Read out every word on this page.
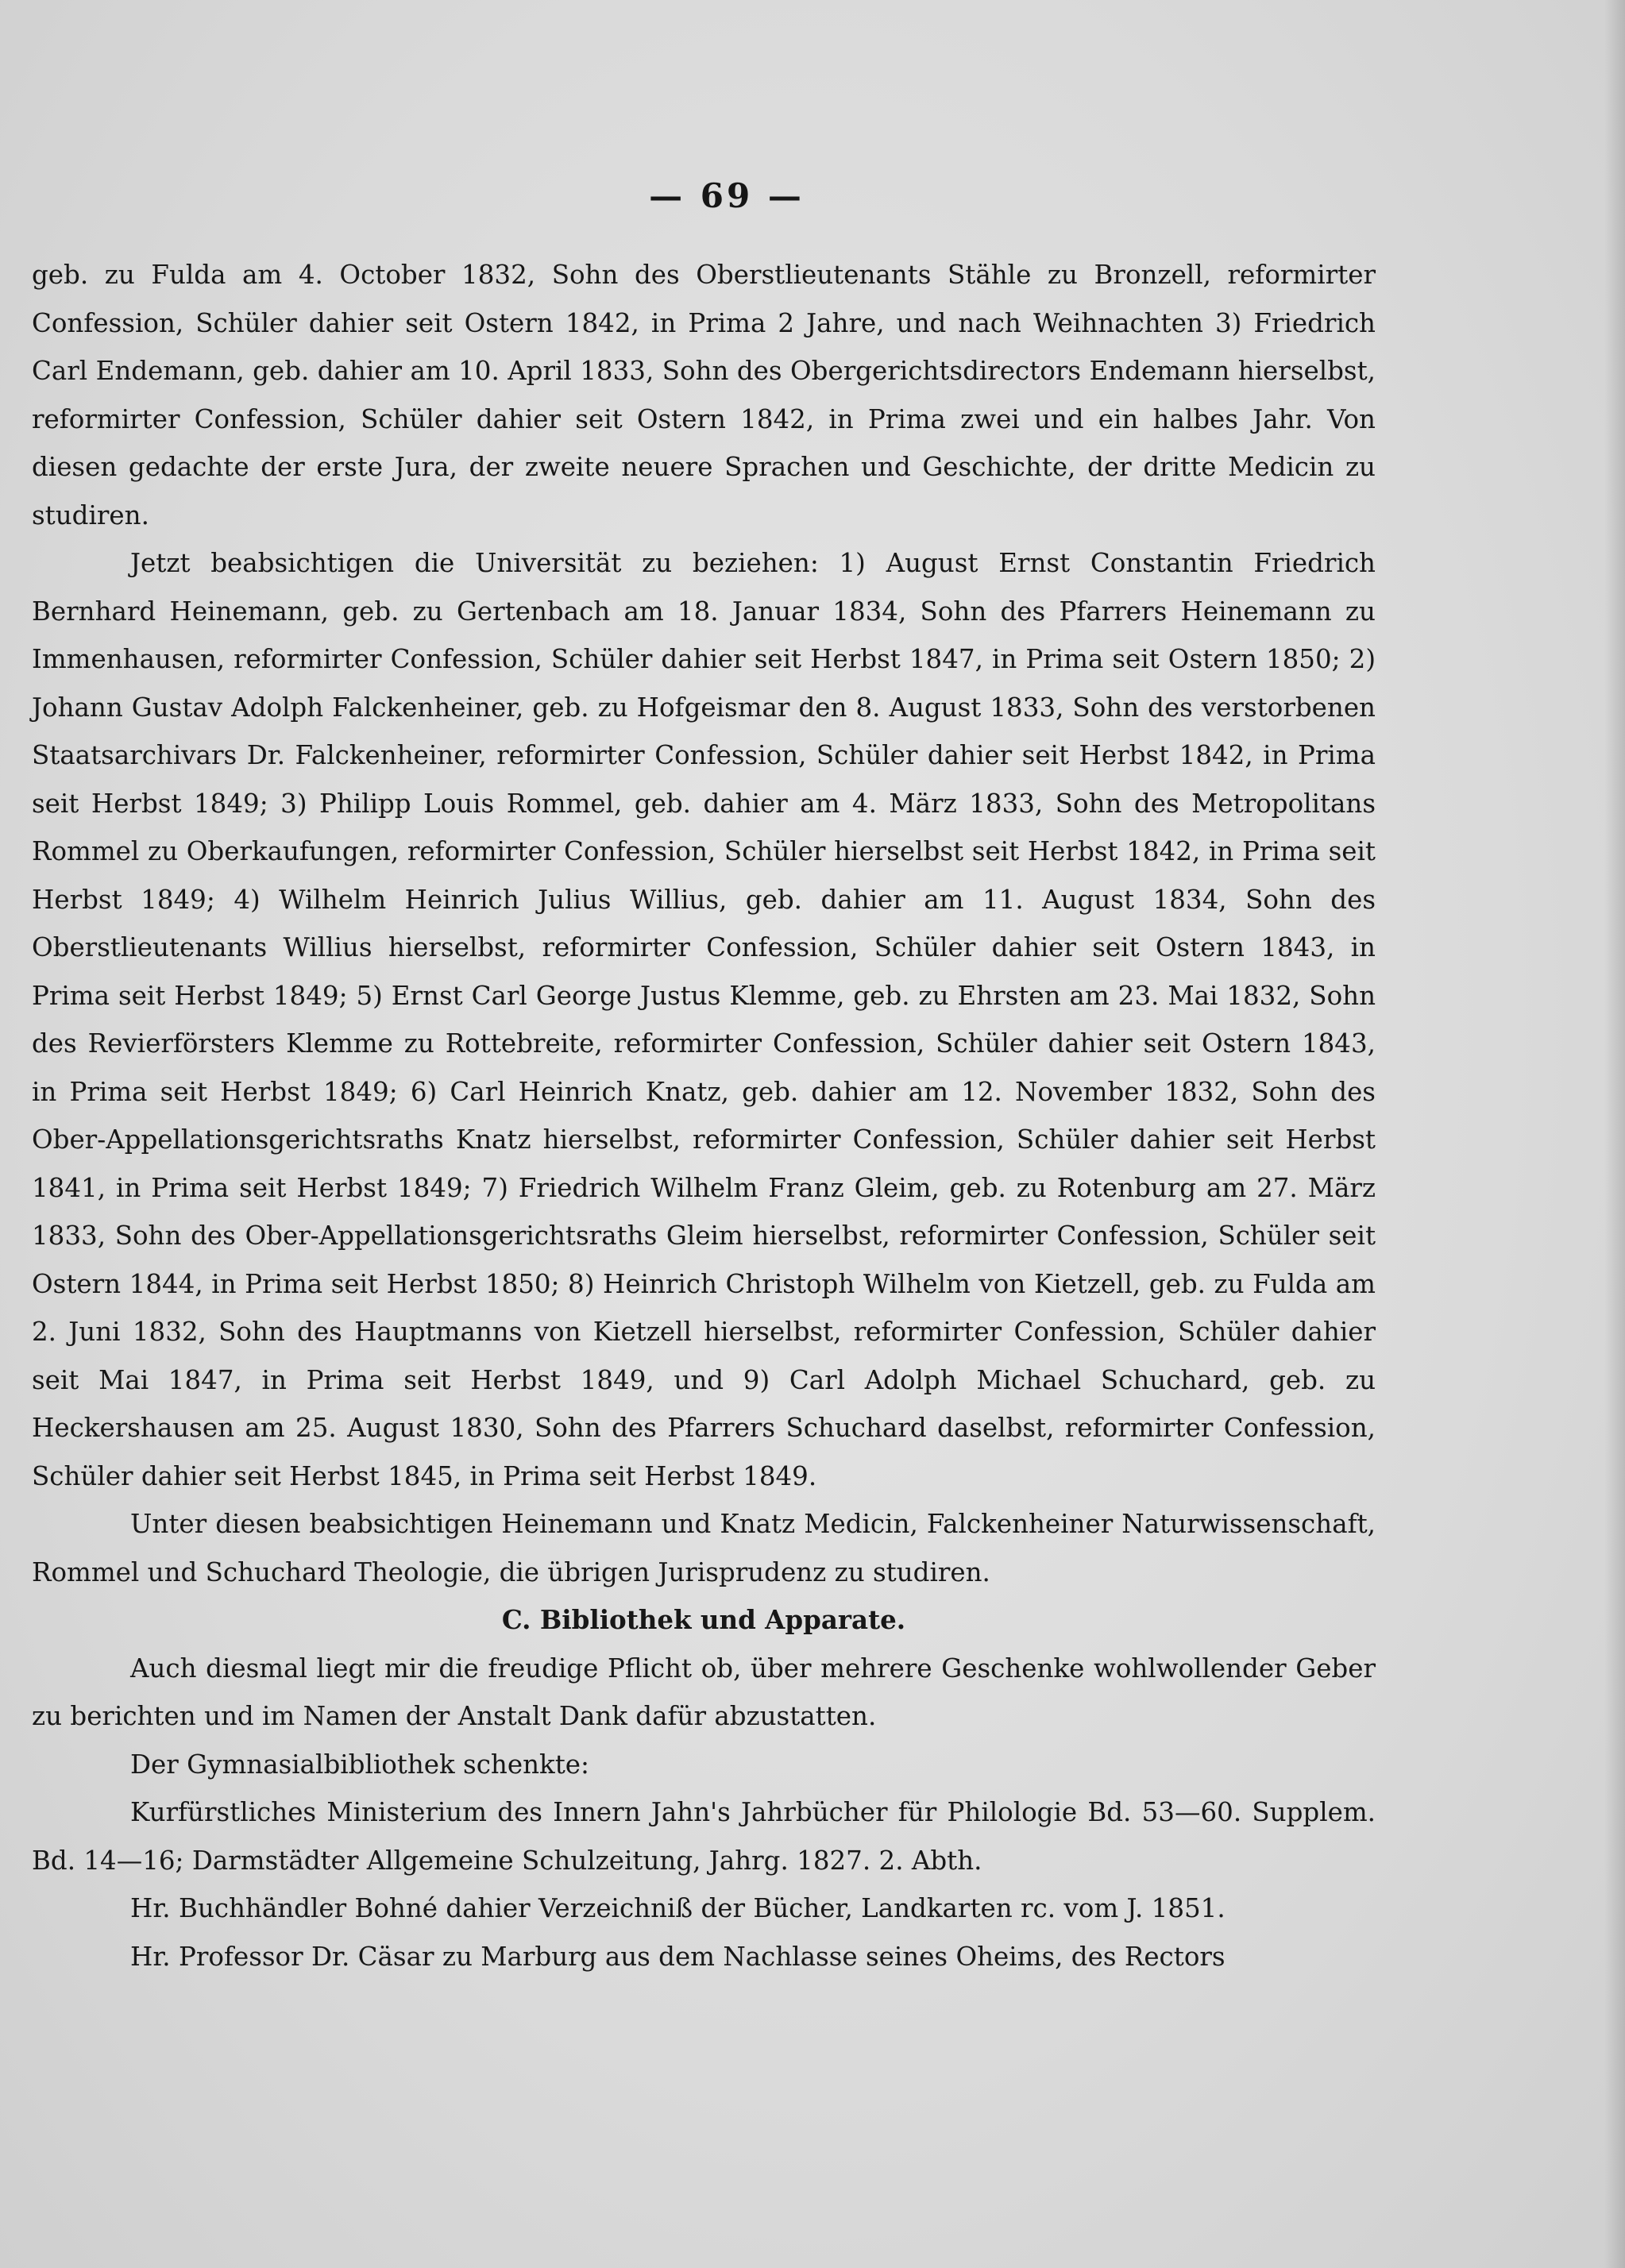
— 69 —

geb. zu Fulda am 4. October 1832, Sohn des Oberstlieutenants Stähle zu Bronzell, reformirter Confession, Schüler dahier seit Ostern 1842, in Prima 2 Jahre, und nach Weihnachten 3) Friedrich Carl Endemann, geb. dahier am 10. April 1833, Sohn des Obergerichtsdirectors Endemann hierselbst, reformirter Confession, Schüler dahier seit Ostern 1842, in Prima zwei und ein halbes Jahr. Von diesen gedachte der erste Jura, der zweite neuere Sprachen und Geschichte, der dritte Medicin zu studiren.

Jetzt beabsichtigen die Universität zu beziehen: 1) August Ernst Constantin Friedrich Bernhard Heinemann, geb. zu Gertenbach am 18. Januar 1834, Sohn des Pfarrers Heinemann zu Immenhausen, reformirter Confession, Schüler dahier seit Herbst 1847, in Prima seit Ostern 1850; 2) Johann Gustav Adolph Falckenheiner, geb. zu Hofgeismar den 8. August 1833, Sohn des verstorbenen Staatsarchivars Dr. Falckenheiner, reformirter Confession, Schüler dahier seit Herbst 1842, in Prima seit Herbst 1849; 3) Philipp Louis Rommel, geb. dahier am 4. März 1833, Sohn des Metropolitans Rommel zu Oberkaufungen, reformirter Confession, Schüler hierselbst seit Herbst 1842, in Prima seit Herbst 1849; 4) Wilhelm Heinrich Julius Willius, geb. dahier am 11. August 1834, Sohn des Oberstlieutenants Willius hierselbst, reformirter Confession, Schüler dahier seit Ostern 1843, in Prima seit Herbst 1849; 5) Ernst Carl George Justus Klemme, geb. zu Ehrsten am 23. Mai 1832, Sohn des Revierförsters Klemme zu Rottebreite, reformirter Confession, Schüler dahier seit Ostern 1843, in Prima seit Herbst 1849; 6) Carl Heinrich Knatz, geb. dahier am 12. November 1832, Sohn des Ober-Appellationsgerichtsraths Knatz hierselbst, reformirter Confession, Schüler dahier seit Herbst 1841, in Prima seit Herbst 1849; 7) Friedrich Wilhelm Franz Gleim, geb. zu Rotenburg am 27. März 1833, Sohn des Ober-Appellationsgerichtsraths Gleim hierselbst, reformirter Confession, Schüler seit Ostern 1844, in Prima seit Herbst 1850; 8) Heinrich Christoph Wilhelm von Kietzell, geb. zu Fulda am 2. Juni 1832, Sohn des Hauptmanns von Kietzell hierselbst, reformirter Confession, Schüler dahier seit Mai 1847, in Prima seit Herbst 1849, und 9) Carl Adolph Michael Schuchard, geb. zu Heckershausen am 25. August 1830, Sohn des Pfarrers Schuchard daselbst, reformirter Confession, Schüler dahier seit Herbst 1845, in Prima seit Herbst 1849.

Unter diesen beabsichtigen Heinemann und Knatz Medicin, Falckenheiner Naturwissenschaft, Rommel und Schuchard Theologie, die übrigen Jurisprudenz zu studiren.

C. Bibliothek und Apparate.

Auch diesmal liegt mir die freudige Pflicht ob, über mehrere Geschenke wohlwollender Geber zu berichten und im Namen der Anstalt Dank dafür abzustatten.

Der Gymnasialbibliothek schenkte:

Kurfürstliches Ministerium des Innern Jahn's Jahrbücher für Philologie Bd. 53—60. Supplem. Bd. 14—16; Darmstädter Allgemeine Schulzeitung, Jahrg. 1827. 2. Abth.

Hr. Buchhändler Bohné dahier Verzeichniß der Bücher, Landkarten rc. vom J. 1851.

Hr. Professor Dr. Cäsar zu Marburg aus dem Nachlasse seines Oheims, des Rectors
